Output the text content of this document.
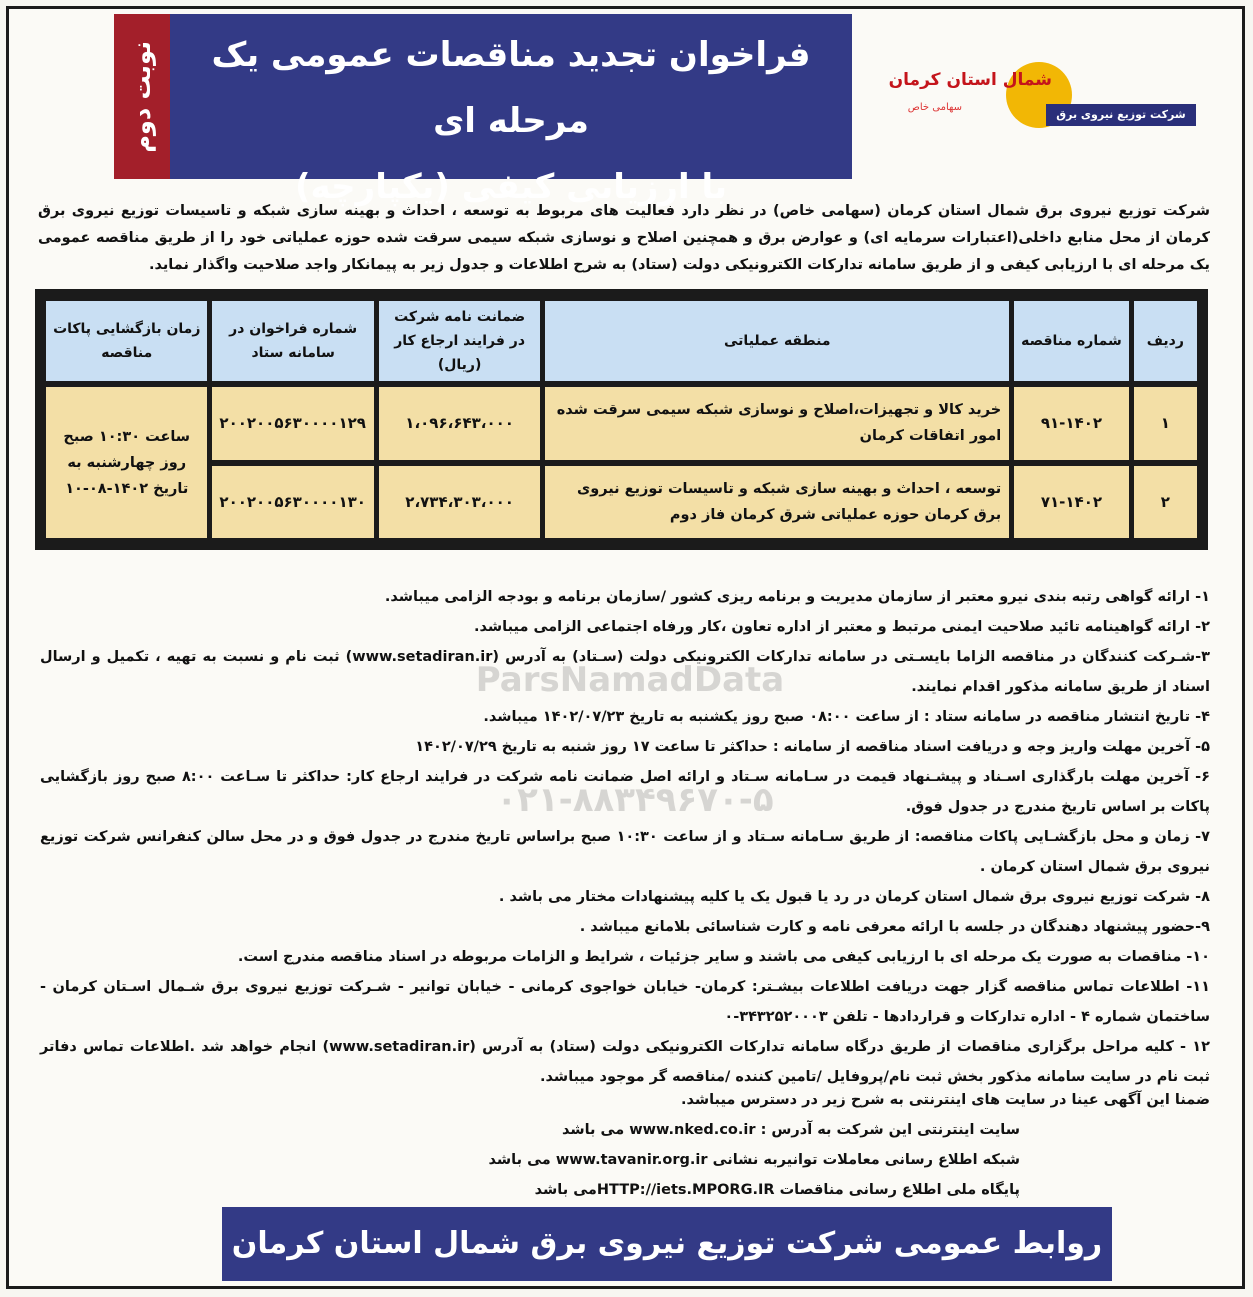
نوبت دوم	فراخوان تجدید مناقصات عمومی یک مرحله ای
با ارزیابی کیفی (یکپارچه)
شمال استان کرمان
سهامی خاص
شرکت توزیع نیروی برق
شرکت توزیع نیروی برق شمال استان کرمان (سهامی خاص) در نظر دارد فعالیت های مربوط به توسعه ، احداث و بهینه سازی شبکه و تاسیسات توزیع نیروی برق کرمان از محل منابع داخلی(اعتبارات سرمایه ای) و عوارض برق و همچنین اصلاح و نوسازی شبکه سیمی سرقت شده حوزه عملیاتی خود را از طریق مناقصه عمومی یک مرحله ای با ارزیابی کیفی و از طریق سامانه تدارکات الکترونیکی دولت (ستاد) به شرح اطلاعات و جدول زیر به پیمانکار واجد صلاحیت واگذار نماید.
ردیف	شماره مناقصه	منطقه عملیاتی	ضمانت نامه شرکت در فرایند ارجاع کار (ریال)	شماره فراخوان در سامانه ستاد	زمان بازگشایی پاکات مناقصه
۱	۹۱-۱۴۰۲	خرید کالا و تجهیزات،اصلاح و نوسازی شبکه سیمی سرقت شده امور اتفاقات کرمان	۱،۰۹۶،۶۴۳،۰۰۰	۲۰۰۲۰۰۵۶۳۰۰۰۰۱۲۹	ساعت ۱۰:۳۰ صبح روز چهارشنبه به تاریخ ۱۴۰۲-۰۸-۱۰
۲	۷۱-۱۴۰۲	توسعه ، احداث و بهینه سازی شبکه و تاسیسات توزیع نیروی برق کرمان حوزه عملیاتی شرق کرمان فاز دوم	۲،۷۳۴،۳۰۳،۰۰۰	۲۰۰۲۰۰۵۶۳۰۰۰۰۱۳۰	
ParsNamadData
۰۲۱-۸۸۳۴۹۶۷۰-۵

۱- ارائه گواهی رتبه بندی نیرو معتبر از سازمان مدیریت و برنامه ریزی کشور /سازمان برنامه و بودجه الزامی میباشد.

۲- ارائه گواهینامه تائید صلاحیت ایمنی مرتبط و معتبر از اداره تعاون ،کار ورفاه اجتماعی الزامی میباشد.

۳-شـرکت کنندگان در مناقصه الزاما بایسـتی در سامانه تدارکات الکترونیکی دولت (سـتاد) به آدرس (www.setadiran.ir) ثبت نام و نسبت به تهیه ، تکمیل و ارسال اسناد از طریق سامانه مذکور اقدام نمایند.

۴- تاریخ انتشار مناقصه در سامانه ستاد : از ساعت ۰۸:۰۰ صبح روز یکشنبه به تاریخ ۱۴۰۲/۰۷/۲۳ میباشد.

۵- آخرین مهلت واریز وجه و دریافت اسناد مناقصه از سامانه : حداکثر تا ساعت ۱۷ روز شنبه به تاریخ ۱۴۰۲/۰۷/۲۹

۶- آخرین مهلت بارگذاری اسـناد و پیشـنهاد قیمت در سـامانه سـتاد و ارائه اصل ضمانت نامه شرکت در فرایند ارجاع کار: حداکثر تا سـاعت ۸:۰۰ صبح روز بازگشایی پاکات بر اساس تاریخ مندرج در جدول فوق.

۷- زمان و محل بازگشـایی پاکات مناقصه: از طریق سـامانه سـتاد و از ساعت ۱۰:۳۰ صبح براساس تاریخ مندرج در جدول فوق و در محل سالن کنفرانس شرکت توزیع نیروی برق شمال استان کرمان .

۸- شرکت توزیع نیروی برق شمال استان کرمان در رد یا قبول یک یا کلیه پیشنهادات مختار می باشد .

۹-حضور پیشنهاد دهندگان در جلسه با ارائه معرفی نامه و کارت شناسائی بلامانع میباشد .

۱۰- مناقصات به صورت یک مرحله ای با ارزیابی کیفی می باشند و سایر جزئیات ، شرایط و الزامات مربوطه در اسناد مناقصه مندرج است.

۱۱- اطلاعات تماس مناقصه گزار جهت دریافت اطلاعات بیشـتر: کرمان- خیابان خواجوی کرمانی - خیابان توانیر - شـرکت توزیع نیروی برق شـمال اسـتان کرمان - ساختمان شماره ۴ - اداره تدارکات و قراردادها - تلفن ۳۴۳۲۵۲۰۰۰۳-۰

۱۲ - کلیه مراحل برگزاری مناقصات از طریق درگاه سامانه تدارکات الکترونیکی دولت (ستاد) به آدرس (www.setadiran.ir) انجام خواهد شد .اطلاعات تماس دفاتر ثبت نام در سایت سامانه مذکور بخش ثبت نام/پروفایل /تامین کننده /مناقصه گر موجود میباشد.

ضمنا این آگهی عینا در سایت های اینترنتی به شرح زیر در دسترس میباشد.

سایت اینترنتی این شرکت به آدرس : www.nked.co.ir می باشد

شبکه اطلاع رسانی معاملات توانیربه نشانی www.tavanir.org.ir می باشد

پایگاه ملی اطلاع رسانی مناقصات HTTP://iets.MPORG.IRمی باشد

روابط عمومی شرکت توزیع نیروی برق شمال استان کرمان
